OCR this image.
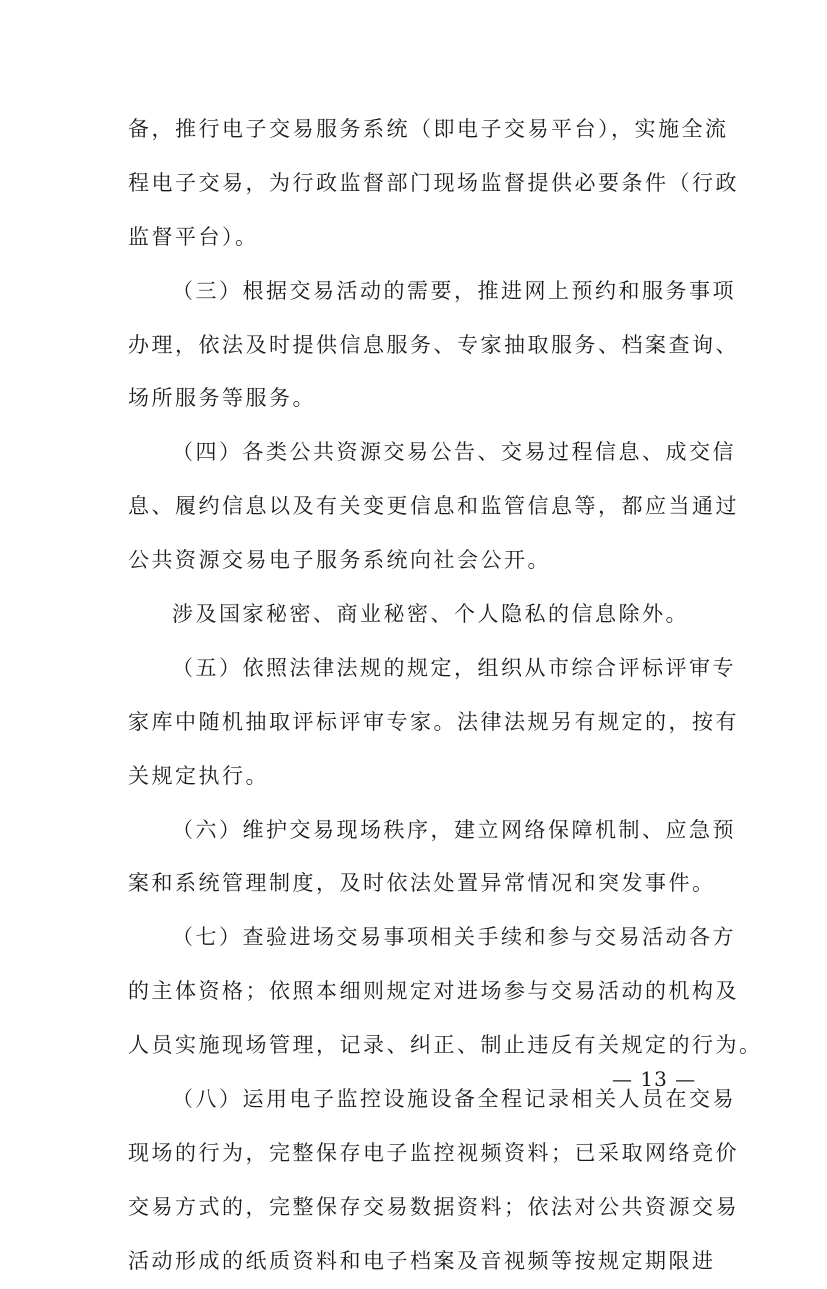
备，推行电子交易服务系统（即电子交易平台），实施全流
程电子交易，为行政监督部门现场监督提供必要条件（行政
监督平台）。
（三）根据交易活动的需要，推进网上预约和服务事项
办理，依法及时提供信息服务、专家抽取服务、档案查询、
场所服务等服务。
（四）各类公共资源交易公告、交易过程信息、成交信
息、履约信息以及有关变更信息和监管信息等，都应当通过
公共资源交易电子服务系统向社会公开。
涉及国家秘密、商业秘密、个人隐私的信息除外。
（五）依照法律法规的规定，组织从市综合评标评审专
家库中随机抽取评标评审专家。法律法规另有规定的，按有
关规定执行。
（六）维护交易现场秩序，建立网络保障机制、应急预
案和系统管理制度，及时依法处置异常情况和突发事件。
（七）查验进场交易事项相关手续和参与交易活动各方
的主体资格；依照本细则规定对进场参与交易活动的机构及
人员实施现场管理，记录、纠正、制止违反有关规定的行为。
（八）运用电子监控设施设备全程记录相关人员在交易
现场的行为，完整保存电子监控视频资料；已采取网络竞价
交易方式的，完整保存交易数据资料；依法对公共资源交易
活动形成的纸质资料和电子档案及音视频等按规定期限进
— 13 —
